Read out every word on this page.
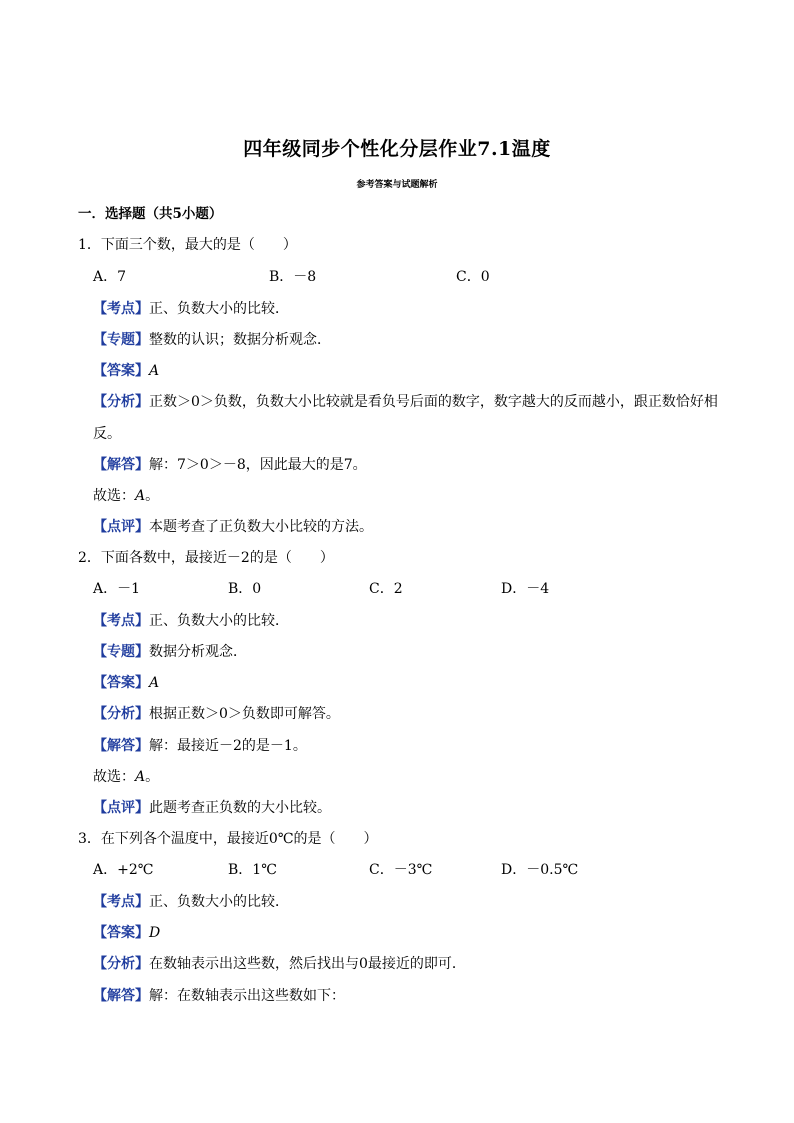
四年级同步个性化分层作业7.1温度
参考答案与试题解析
一．选择题（共5小题）
1．下面三个数，最大的是（　　）
A．7	B．－8	C．0
【考点】正、负数大小的比较．
【专题】整数的认识；数据分析观念．
【答案】A
【分析】正数＞0＞负数，负数大小比较就是看负号后面的数字，数字越大的反而越小，跟正数恰好相
反。
【解答】解：7＞0＞－8，因此最大的是7。
故选：A。
【点评】本题考查了正负数大小比较的方法。
2．下面各数中，最接近－2的是（　　）
A．－1	B．0	C．2	D．－4
【考点】正、负数大小的比较．
【专题】数据分析观念．
【答案】A
【分析】根据正数＞0＞负数即可解答。
【解答】解：最接近－2的是－1。
故选：A。
【点评】此题考查正负数的大小比较。
3．在下列各个温度中，最接近0℃的是（　　）
A．+2℃	B．1℃	C．－3℃	D．－0.5℃
【考点】正、负数大小的比较．
【答案】D
【分析】在数轴表示出这些数，然后找出与0最接近的即可．
【解答】解：在数轴表示出这些数如下：
